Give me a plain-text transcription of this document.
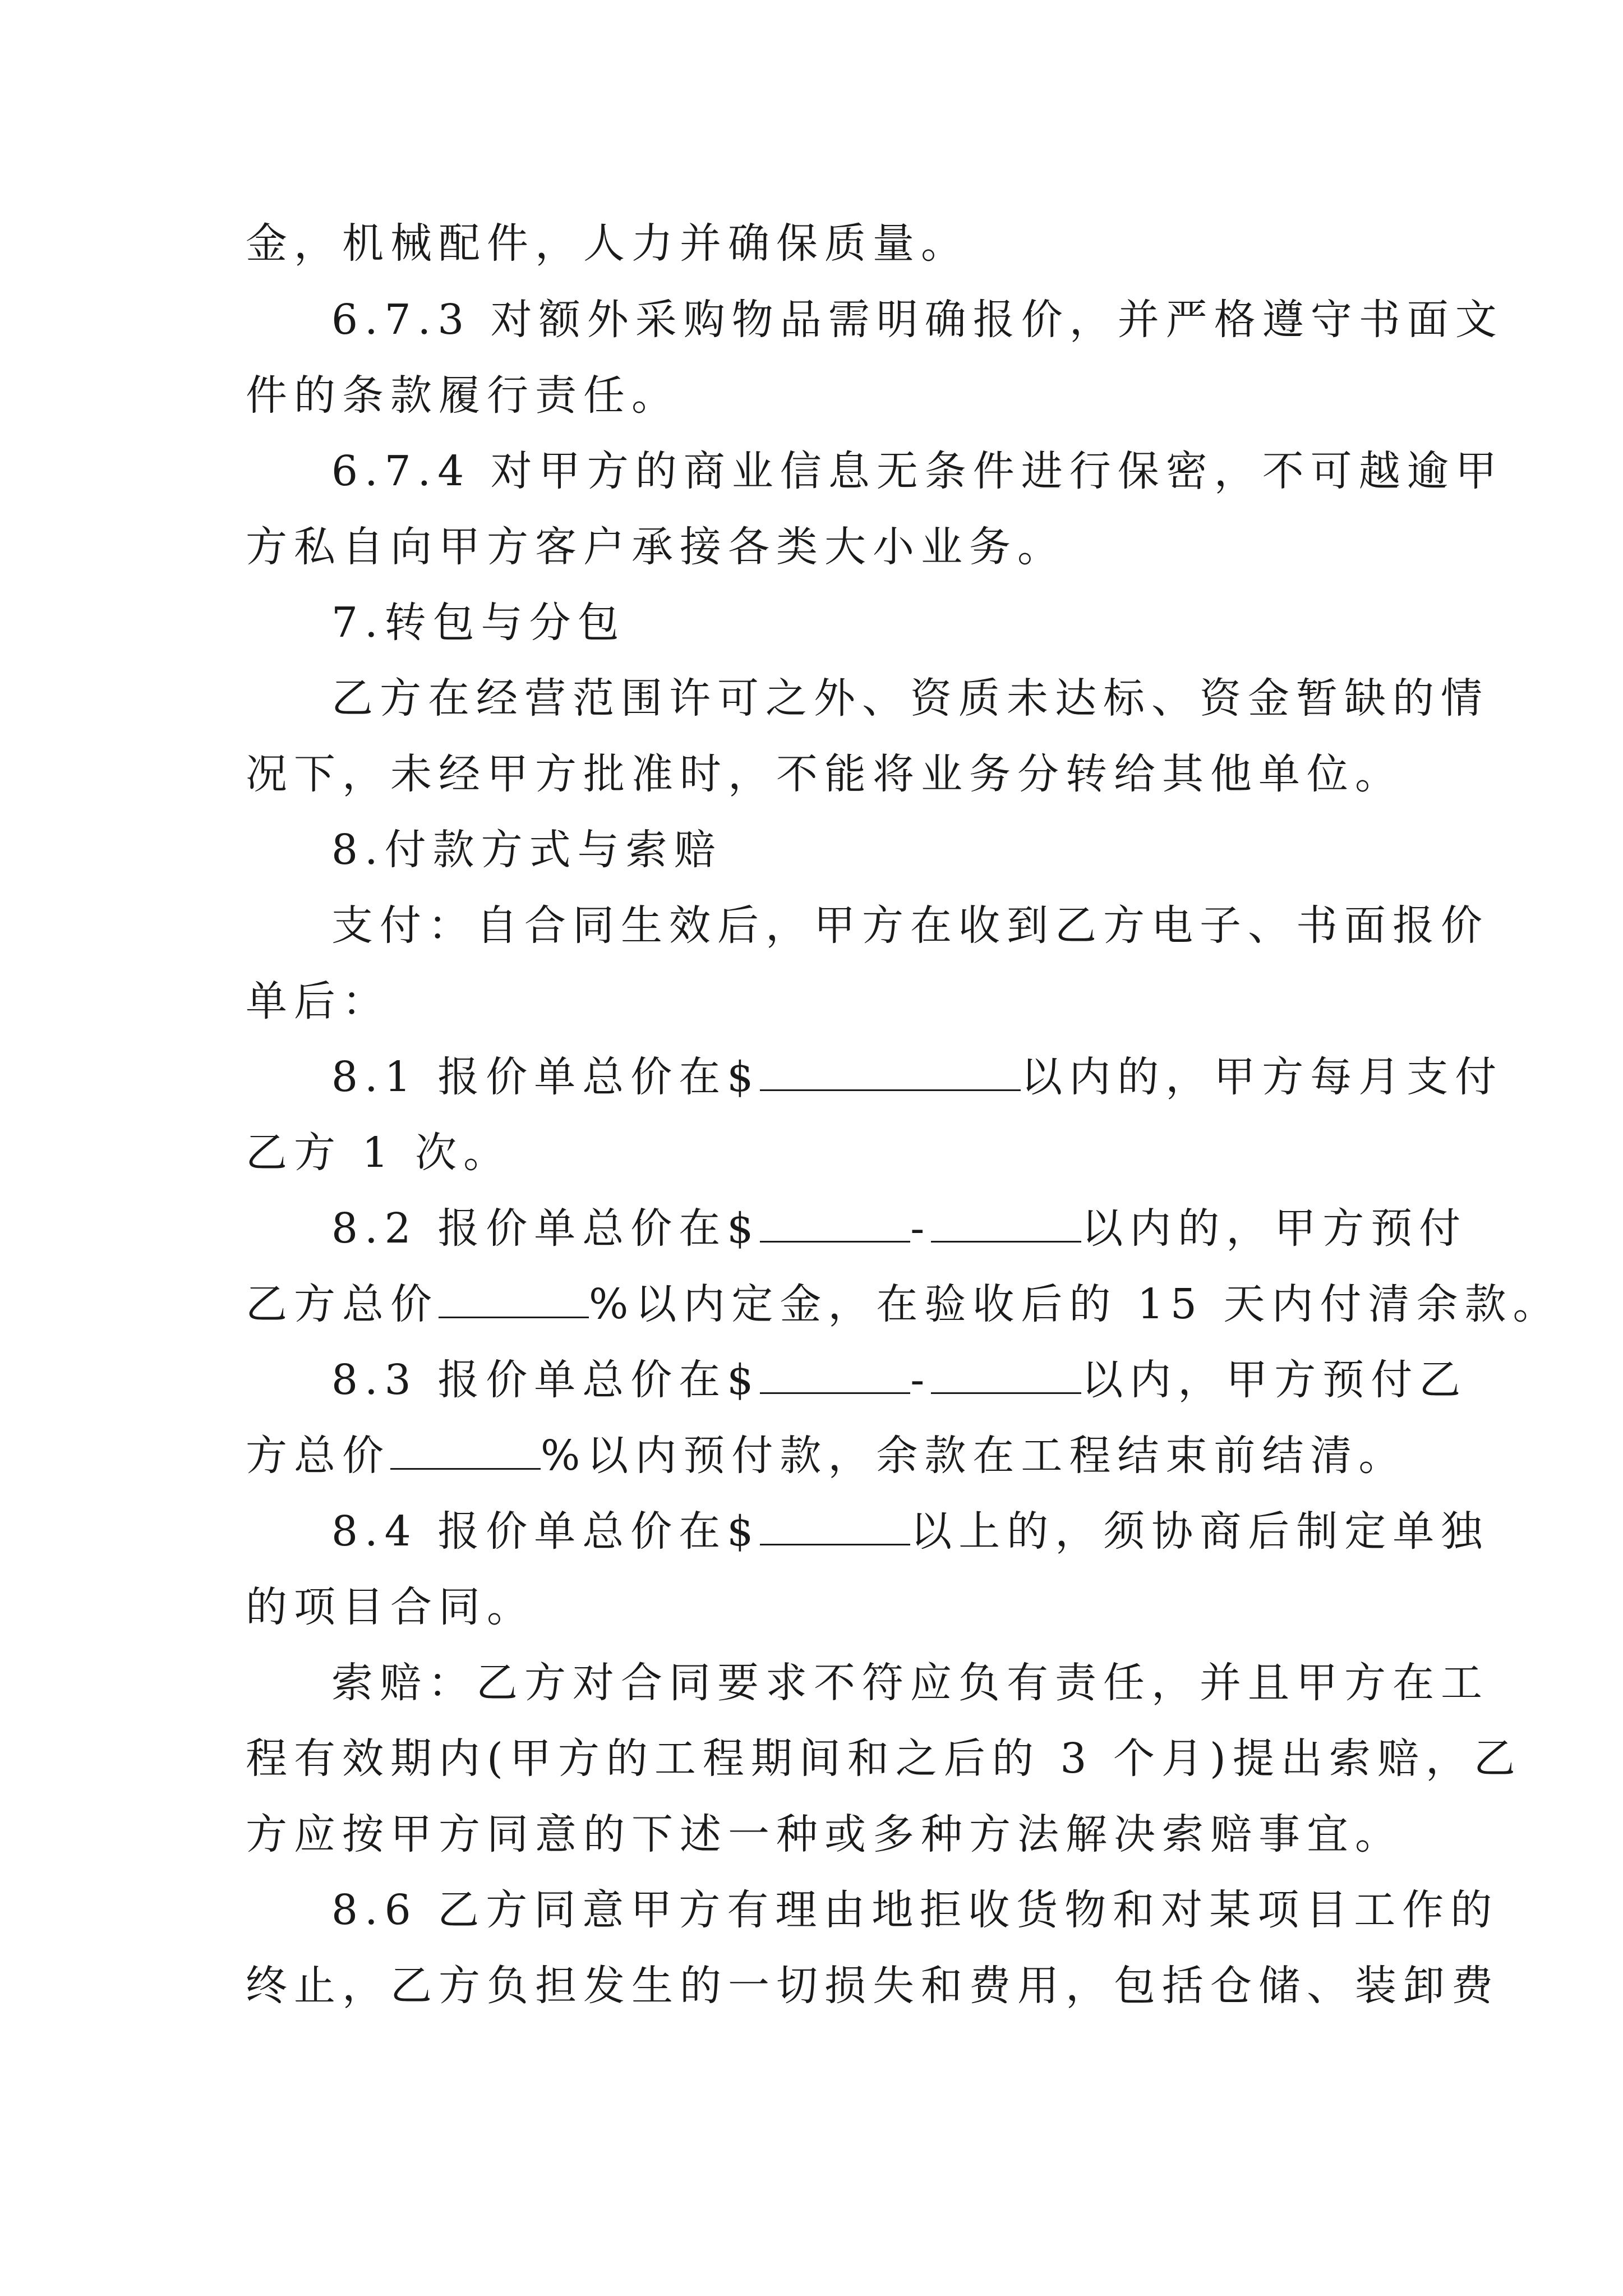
金，机械配件，人力并确保质量。

6.7.3 对额外采购物品需明确报价，并严格遵守书面文

件的条款履行责任。

6.7.4 对甲方的商业信息无条件进行保密，不可越逾甲

方私自向甲方客户承接各类大小业务。

7.转包与分包

乙方在经营范围许可之外、资质未达标、资金暂缺的情

况下，未经甲方批准时，不能将业务分转给其他单位。

8.付款方式与索赔

支付：自合同生效后，甲方在收到乙方电子、书面报价

单后：

8.1 报价单总价在$	以内的，甲方每月支付

乙方 1 次。

8.2 报价单总价在$	-	以内的，甲方预付

乙方总价	%以内定金，在验收后的 15 天内付清余款。

8.3 报价单总价在$	-	以内，甲方预付乙

方总价	%以内预付款，余款在工程结束前结清。

8.4 报价单总价在$	以上的，须协商后制定单独

的项目合同。

索赔：乙方对合同要求不符应负有责任，并且甲方在工

程有效期内(甲方的工程期间和之后的 3 个月)提出索赔，乙

方应按甲方同意的下述一种或多种方法解决索赔事宜。

8.6 乙方同意甲方有理由地拒收货物和对某项目工作的

终止，乙方负担发生的一切损失和费用，包括仓储、装卸费
